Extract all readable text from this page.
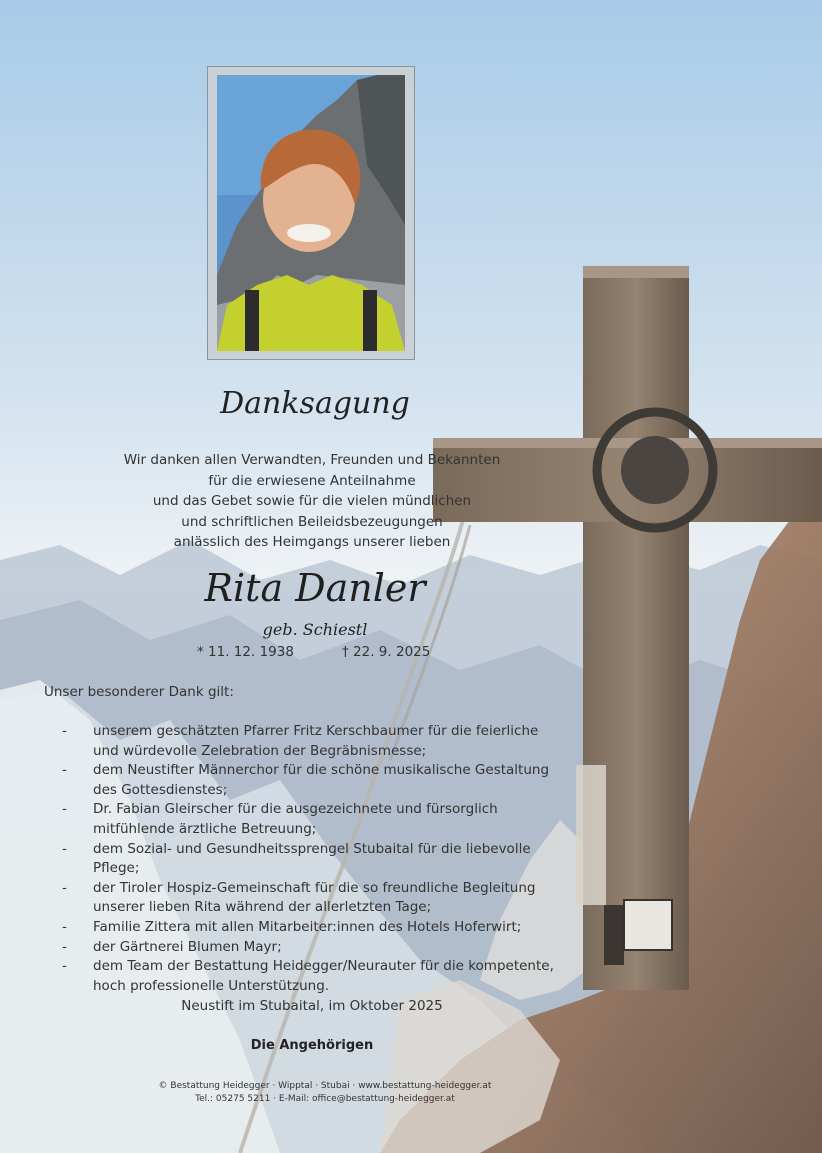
Danksagung
Wir danken allen Verwandten, Freunden und Bekannten
für die erwiesene Anteilnahme
und das Gebet sowie für die vielen mündlichen
und schriftlichen Beileidsbezeugungen
anlässlich des Heimgangs unserer lieben
Rita Danler
geb. Schiestl
* 11. 12. 1938	† 22. 9. 2025
Unser besonderer Dank gilt:
- unserem geschätzten Pfarrer Fritz Kerschbaumer für die feierliche und würdevolle Zelebration der Begräbnismesse;
- dem Neustifter Männerchor für die schöne musikalische Gestaltung des Gottesdienstes;
- Dr. Fabian Gleirscher für die ausgezeichnete und fürsorglich mitfühlende ärztliche Betreuung;
- dem Sozial- und Gesundheitssprengel Stubaital für die liebevolle Pflege;
- der Tiroler Hospiz-Gemeinschaft für die so freundliche Begleitung unserer lieben Rita während der allerletzten Tage;
- Familie Zittera mit allen Mitarbeiter:innen des Hotels Hoferwirt;
- der Gärtnerei Blumen Mayr;
- dem Team der Bestattung Heidegger/Neurauter für die kompetente, hoch professionelle Unterstützung.
Neustift im Stubaital, im Oktober 2025
Die Angehörigen
© Bestattung Heidegger · Wipptal · Stubai · www.bestattung-heidegger.at
Tel.: 05275 5211 · E-Mail: office@bestattung-heidegger.at
